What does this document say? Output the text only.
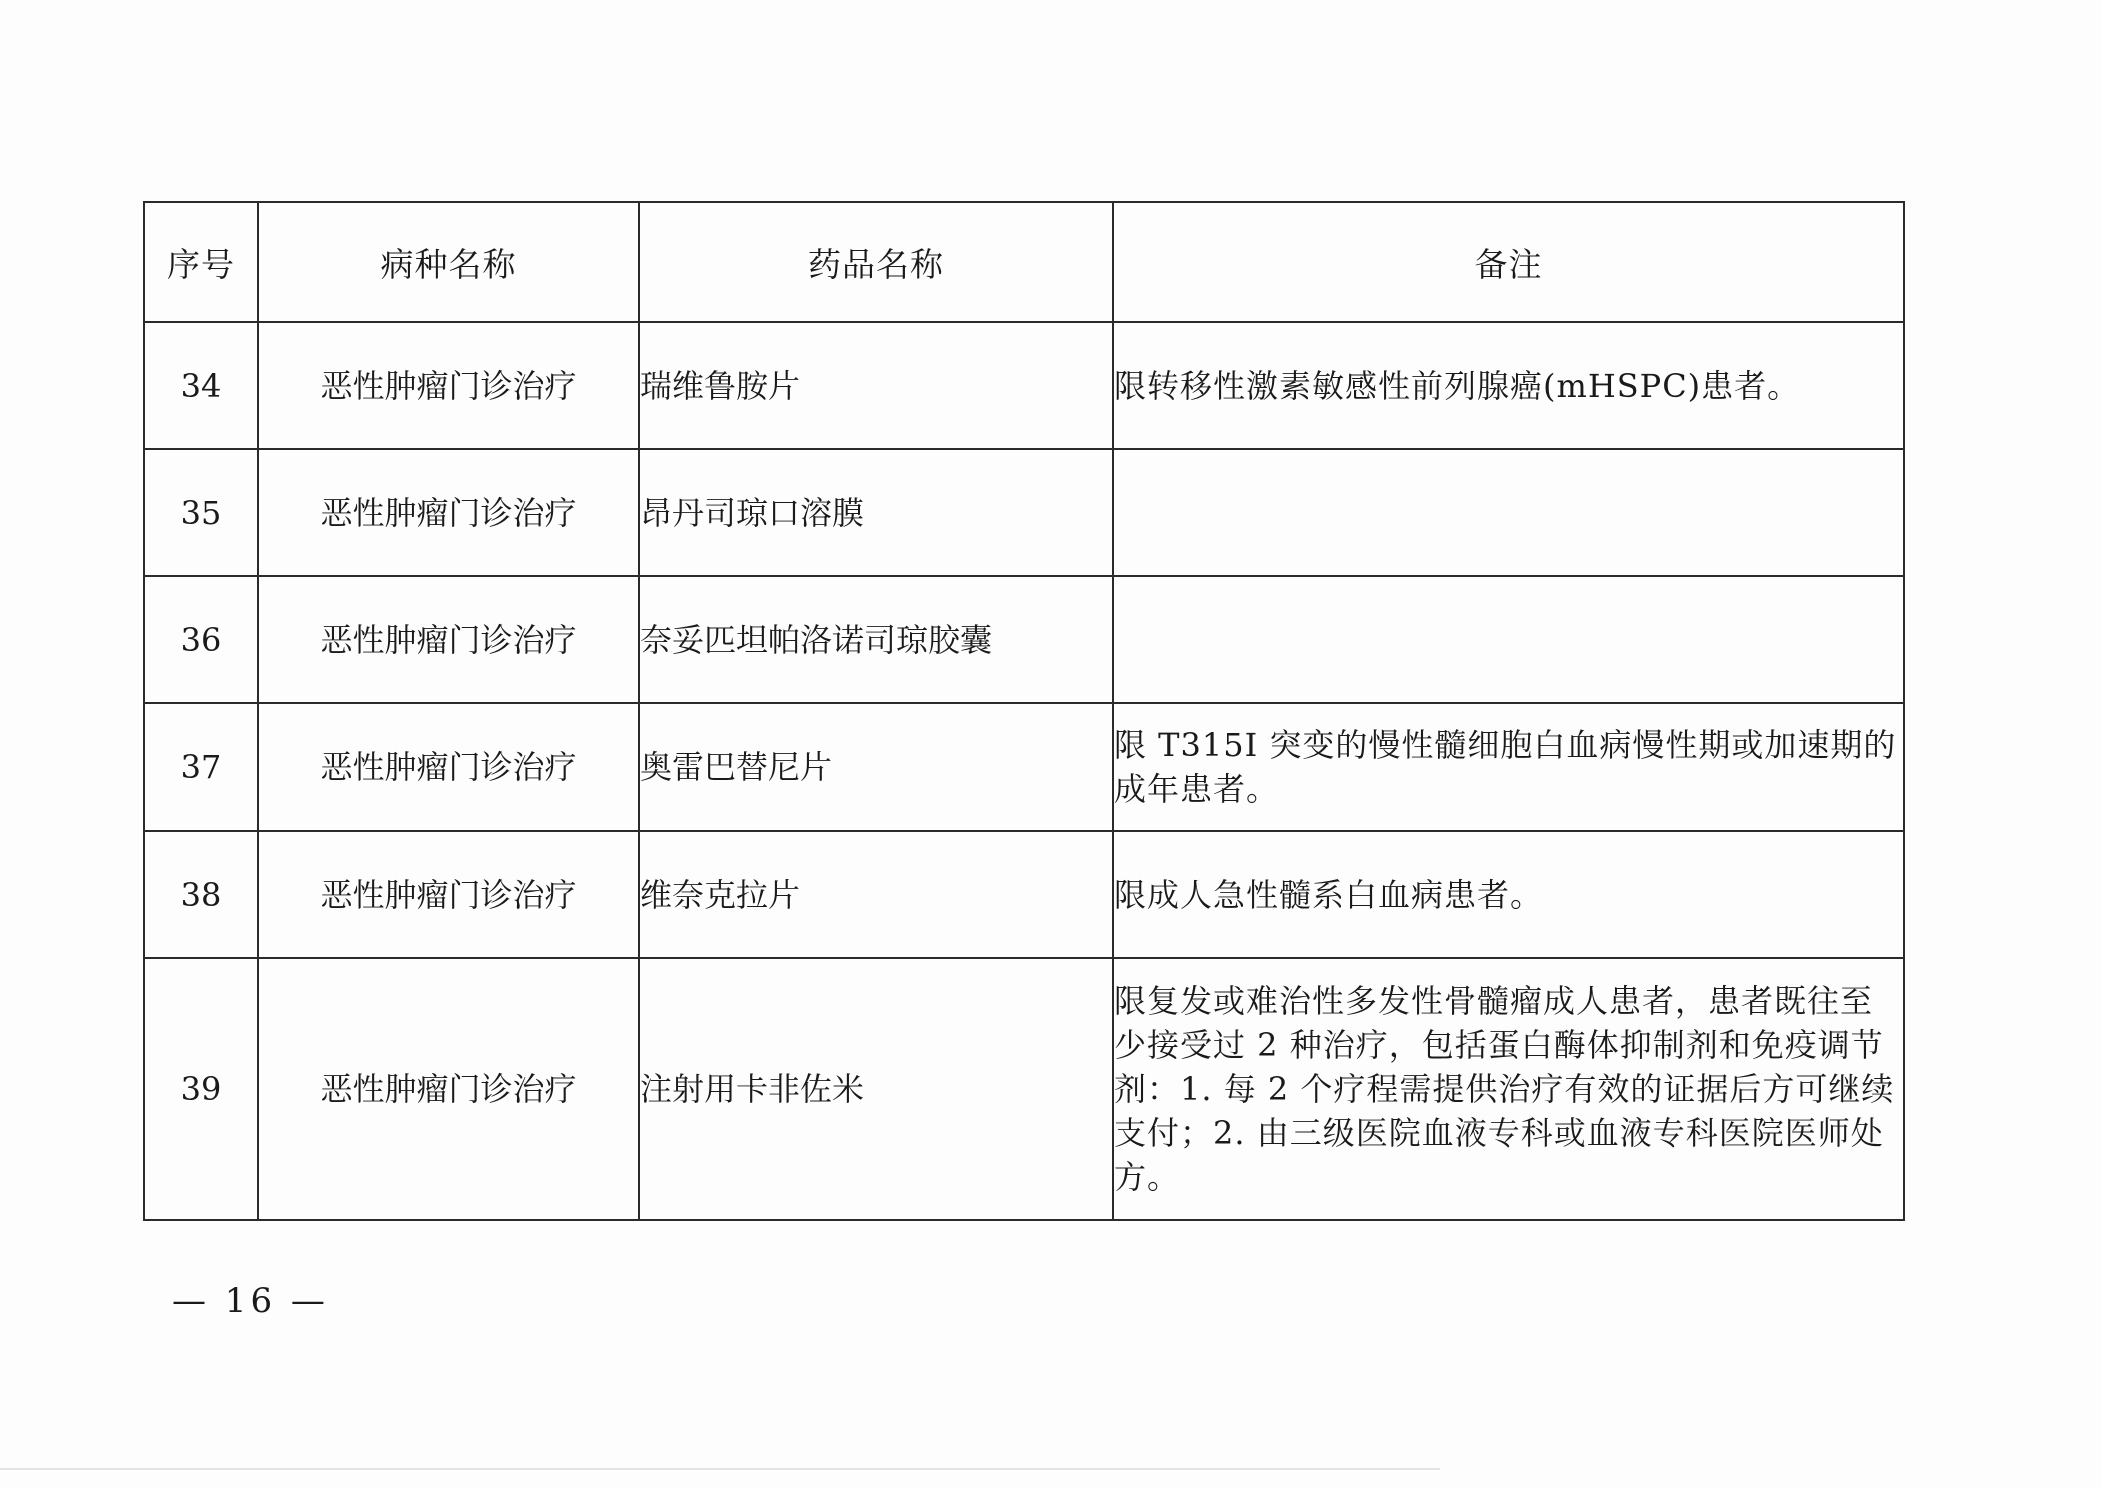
序号	病种名称	药品名称	备注
34	恶性肿瘤门诊治疗	瑞维鲁胺片	限转移性激素敏感性前列腺癌(mHSPC)患者。
35	恶性肿瘤门诊治疗	昂丹司琼口溶膜	
36	恶性肿瘤门诊治疗	奈妥匹坦帕洛诺司琼胶囊	
37	恶性肿瘤门诊治疗	奥雷巴替尼片	限 T315I 突变的慢性髓细胞白血病慢性期或加速期的成年患者。
38	恶性肿瘤门诊治疗	维奈克拉片	限成人急性髓系白血病患者。
39	恶性肿瘤门诊治疗	注射用卡非佐米	限复发或难治性多发性骨髓瘤成人患者，患者既往至少接受过 2 种治疗，包括蛋白酶体抑制剂和免疫调节剂：1. 每 2 个疗程需提供治疗有效的证据后方可继续支付；2. 由三级医院血液专科或血液专科医院医师处方。
— 16 —
